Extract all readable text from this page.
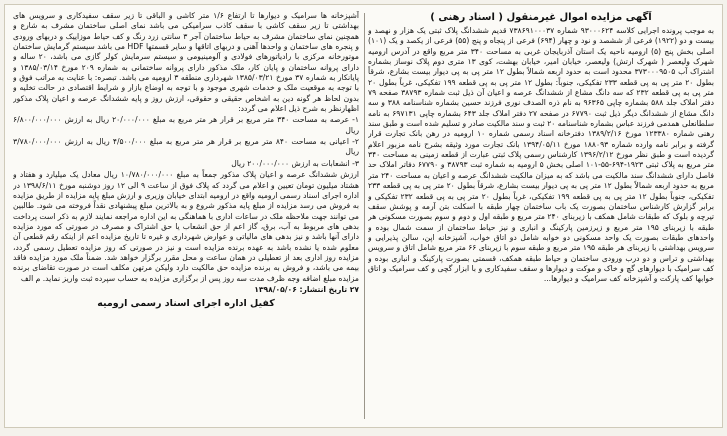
آگهی مزایده اموال غیرمنقول ( اسناد رهنی )

به موجب پرونده اجرایی کلاسه ۹۳۰۰۰۶۲۴ شماره ۷۳۸۶۹۱۰۰۰۳۷ قدیم ششدانگ پلاک ثبتی یک هزار و نهصد و بیست و دو (۱۹۲۲) فرعی از ششصد و نود و چهار (۶۹۴) فرعی از پنجاه و پنج (۵۵) فرعی از یکصد و یک (۱۰۱) اصلی بخش پنج (۵) ارومیه ناحیه یک استان آذربایجان غربی به مساحت ۳۴۰ متر مربع واقع در آدرس ارومیه شهرک ولیعصر ( شهرک ارتش) ولیعصر، خیابان امیر، خیابان بهشت، کوی ۱۳ متری دوم پلاک نوساز بشماره اشتراک آب ۳۷۳۰۰۰۹۵۰۵ محدود است به حدود اربعه شمالاً بطول ۱۲ متر پی به پی دیوار بیست بشارع، شرقاً بطول ۲۰ متر پی به پی قطعه ۲۳۳ تفکیکی، جنوباً: بطول ۱۲ متر پی به پی قطعه ۱۹۹ تفکیکی، غرباً بطول ۲۰ متر پی به پی قطعه ۲۳۲ که سه دانگ مشاع از ششدانگ عرصه و اعیان آن ذیل ثبت شماره ۳۸۷۹۳ صفحه ۷۹ دفتر املاک جلد ۵۸۸ بشماره چاپی ۹۶۳۶۵ به نام ذره الصدف نوری فرزند حسین بشماره شناسنامه ۳۸۸ و سه دانگ مشاع از ششدانگ دیگر ذیل ثبت ۶۷۷۹۰ در صفحه ۲۷ دفتر املاک جلد ۶۴۳ بشماره چاپی ۶۹۷۱۳۱ به نامه سلطانعلی همدمی فرزند عباس بشماره شناسنامه ۲۰ ثبت و سند مالکیت صادر و تسلیم شده است و طبق سند رهنی شماره ۱۲۳۳۸۰ مورخ ۱۳۸۹/۲/۱۶ دفترخانه اسناد رسمی شماره ۱۰ ارومیه در رهن بانک تجارت قرار گرفته و برابر نامه وارده شماره ۱۸۸۰۹۳ مورخ ۱۳۹۴/۰۵/۱۱ بانک تجارت مورد وثیقه بشرح نامه مزبور اعلام گردیده است و طبق نظر مورخ ۱۳۹۶/۲/۱۲ کارشناس رسمی پلاک ثبتی عبارت از قطعه زمینی به مساحت ۳۴۰ متر مربع به پلاک ثبتی ۱۹۲۳-۶۹۴-۵۵-۱۰۱ اصلی بخش ۵ ارومیه به شماره ثبت ۳۸۷۹۳ و ۶۷۷۹۰ دفاتر املاک حد فاصل دارای ششدانگ سند مالکیت می باشد که به میزان مالکیت ششدانگ عرصه و اعیان به مساحت ۲۴۰ متر مربع به حدود اربعه شمالاً بطول ۱۲ متر پی به پی دیوار بیست بشارع، شرقاً بطول ۲۰ متر پی به پی قطعه ۲۳۳ تفکیکی، جنوباً بطول ۱۲ متر پی به پی قطعه ۱۹۹ تفکیکی، غرباً بطول ۲۰ متر پی به پی قطعه ۲۳۲ تفکیکی و برابر گزارش کارشناس ساختمان بصورت یک باب ساختمان چهار طبقه با اسکلت بتن آرمه و پوشش سقف تیرچه و بلوک که طبقات شامل همکف با زیربنای ۲۴۰ متر مربع و طبقه اول و دوم و سوم بصورت مسکونی هر طبقه با زیربنای ۱۹۵ متر مربع و زیرزمین پارکینگ و انباری و نیز حیاط ساختمان از سمت شمال بوده و واحدهای طبقات بصورت یک واحد مسکونی دو خوابه شامل دو اتاق خواب، آشپزخانه اپن، سالن پذیرایی و سرویس بهداشتی با زیربنای هر طبقه ۱۹۵ متر مربع و طبقه سوم با زیربنای ۶۶ متر مربع شامل اتاق و سرویس بهداشتی و تراس و دو درب ورودی ساختمان و حیاط طبقه همکف، قسمتی بصورت پارکینگ و انباری بوده و کف سرامیک با دیوارهای گچ و خاک و موکت و دیوارها و سقف سفیدکاری و با ابزار گچی و کف سرامیک و اتاق خوابها کف پارکت و آشپزخانه کف سرامیک و دیوارها...

آشپزخانه ها سرامیک و دیوارها تا ارتفاع ۱/۶ متر کاشی و الباقی تا زیر سقف سفیدکاری و سرویس های بهداشتی تا زیر سقف کاشی با سقف کاذب سرامیکی می باشد نمای اصلی ساختمان مشرف به شارع و همچنین نمای ساختمان مشرف به حیاط ساختمان آجر ۳ سانتی زرد رنگ و کف حیاط موزاییک و دربهای ورودی و پنجره های ساختمان و واحدها آهنی و دربهای اتاقها و سایر قسمتها HDF می باشد سیستم گرمایش ساختمان موتورخانه مرکزی با رادیاتورهای فولادی و آلومینیومی و سیستم سرمایش کولر گازی می باشد، ۲۰ ساله و دارای پروانه ساختمان و پایان کار، ملک مذکور دارای پروانه ساختمانی به شماره ۲۰۹ مورخ ۱۳۸۵/۰۳/۱۴ و پایانکار به شماره ۳۷ مورخ ۱۳۸۵/۰۳/۲۱ شهرداری منطقه ۳ ارومیه می باشد. تبصره: با عنایت به مراتب فوق و با توجه به موقعیت ملک و خدمات شهری موجود و با توجه به اوضاع بازار و شرایط اقتصادی در حالت تخلیه و بدون لحاظ هر گونه دین به اشخاص حقیقی و حقوقی، ارزش روز و پایه ششدانگ عرصه و اعیان پلاک مذکور اظهارنظر به شرح ذیل اعلام می گردد:

۱- عرصه به مساحت ۳۴۰ متر مربع بر قرار هر متر مربع به مبلغ ۲۰/۰۰۰/۰۰۰ ریال به ارزش ۶/۸۰۰/۰۰۰/۰۰۰ ریال

۲- اعیانی به مساحت ۸۴۰ متر مربع بر قرار هر متر مربع به مبلغ ۴/۵۰۰/۰۰۰ ریال به ارزش ۳/۷۸۰/۰۰۰/۰۰۰ ریال

۳- انشعابات به ارزش ۲۰۰/۰۰۰/۰۰۰ ریال

ارزش ششدانگ عرصه و اعیان پلاک مذکور جمعاً به مبلغ ۱۰/۷۸۰/۰۰۰/۰۰۰ ریال معادل یک میلیارد و هفتاد و هشتاد میلیون تومان تعیین و اعلام می گردد که پلاک فوق از ساعت ۹ الی ۱۲ روز دوشنبه مورخ ۱۳۹۸/۶/۱۱ در اداره اجرای اسناد رسمی ارومیه واقع در ارومیه ابتدای خیابان وزیری و ارزش مبلغ پایه مزایده از طریق مزایده به فروش می رسد مزایده از مبلغ پایه مذکور شروع و به بالاترین مبلغ پیشنهادی نقداً فروخته می شود. طالبین می توانند جهت ملاحظه ملک در ساعات اداری با هماهنگی به این اداره مراجعه نمایند لازم به ذکر است پرداخت بدهی های مربوط به آب، برق، گاز اعم از حق انشعاب یا حق اشتراک و مصرف در صورتی که مورد مزایده دارای آنها باشد و نیز بدهی های مالیاتی و عوارض شهرداری و غیره تا تاریخ مزایده اعم از اینکه رقم قطعی آن معلوم شده یا نشده باشد به عهده برنده مزایده است و نیز در صورتی که روز مزایده تعطیل رسمی گردد، مزایده روز اداری بعد از تعطیلی در همان ساعت و محل مقرر برگزار خواهد شد. ضمناً ملک مورد مزایده فاقد بیمه می باشد، و فروش به برنده مزایده حق مالکیت دارد ولیکن مرتهن مکلف است در صورت تقاضای برنده مزایده مبلغ اضافه وجه ظرف مدت سه روز پس از برگزاری مزایده به حساب سپرده ثبت واریز نماید. م الف

۲۷ تاریخ انتشار: ۱۳۹۸/۰۵/۰۶

کفیل اداره اجرای اسناد رسمی ارومیه
